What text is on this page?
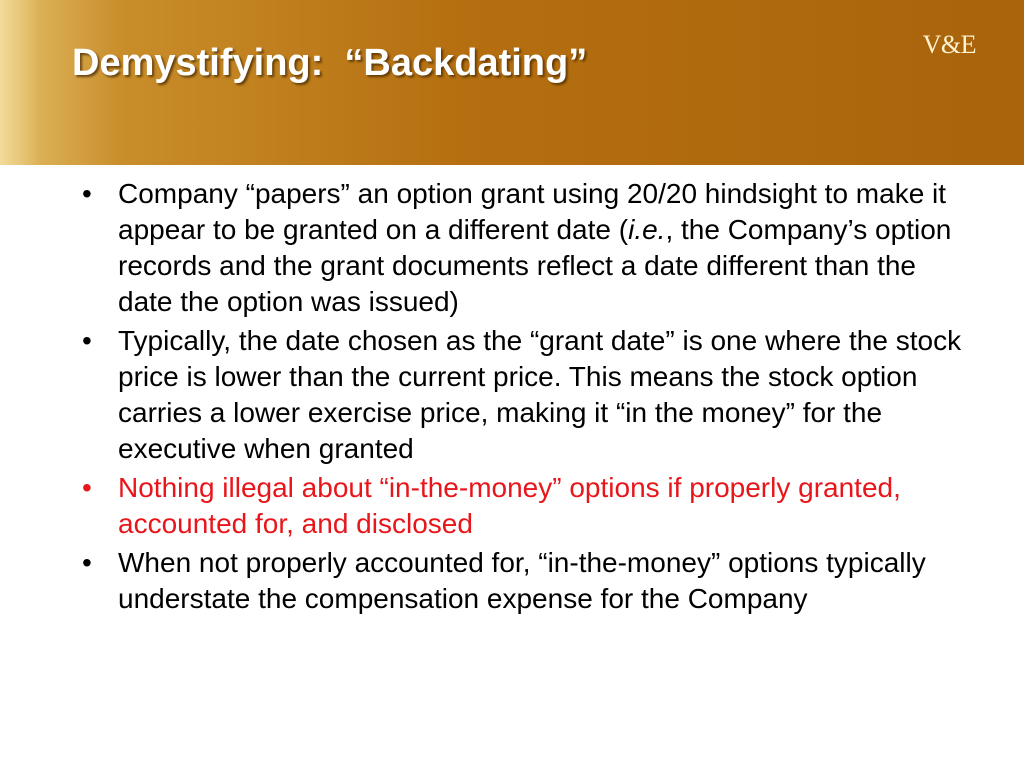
Demystifying:  “Backdating”	V&E
• Company “papers” an option grant using 20/20 hindsight to make it appear to be granted on a different date (i.e., the Company’s option records and the grant documents reflect a date different than the date the option was issued)
• Typically, the date chosen as the “grant date” is one where the stock price is lower than the current price. This means the stock option carries a lower exercise price, making it “in the money” for the executive when granted
• Nothing illegal about “in-the-money” options if properly granted, accounted for, and disclosed
• When not properly accounted for, “in-the-money” options typically understate the compensation expense for the Company
